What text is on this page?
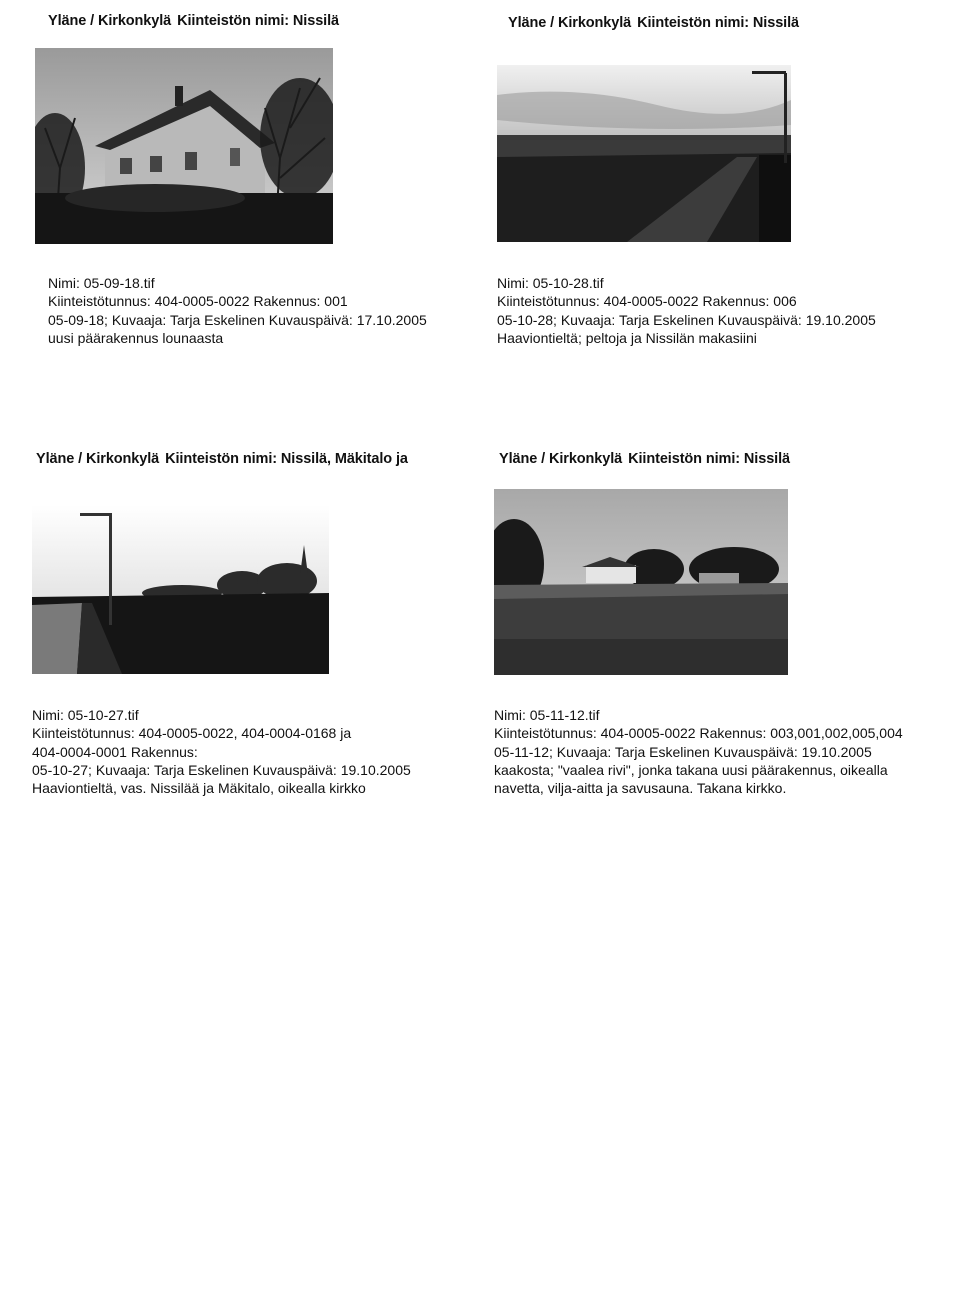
Yläne / Kirkonkylä Kiinteistön nimi: Nissilä

Nimi: 05-09-18.tif
Kiinteistötunnus: 404-0005-0022 Rakennus: 001
05-09-18; Kuvaaja: Tarja Eskelinen Kuvauspäivä: 17.10.2005
uusi päärakennus lounaasta

Yläne / Kirkonkylä Kiinteistön nimi: Nissilä

Nimi: 05-10-28.tif
Kiinteistötunnus: 404-0005-0022 Rakennus: 006
05-10-28; Kuvaaja: Tarja Eskelinen Kuvauspäivä: 19.10.2005
Haaviontieltä; peltoja ja Nissilän makasiini

Yläne / Kirkonkylä Kiinteistön nimi: Nissilä, Mäkitalo ja

Nimi: 05-10-27.tif
Kiinteistötunnus: 404-0005-0022, 404-0004-0168 ja
404-0004-0001 Rakennus:
05-10-27; Kuvaaja: Tarja Eskelinen Kuvauspäivä: 19.10.2005
Haaviontieltä, vas. Nissilää ja Mäkitalo, oikealla kirkko

Yläne / Kirkonkylä Kiinteistön nimi: Nissilä

Nimi: 05-11-12.tif
Kiinteistötunnus: 404-0005-0022 Rakennus: 003,001,002,005,004
05-11-12; Kuvaaja: Tarja Eskelinen Kuvauspäivä: 19.10.2005
kaakosta; "vaalea rivi", jonka takana uusi päärakennus, oikealla navetta, vilja-aitta ja savusauna. Takana kirkko.
